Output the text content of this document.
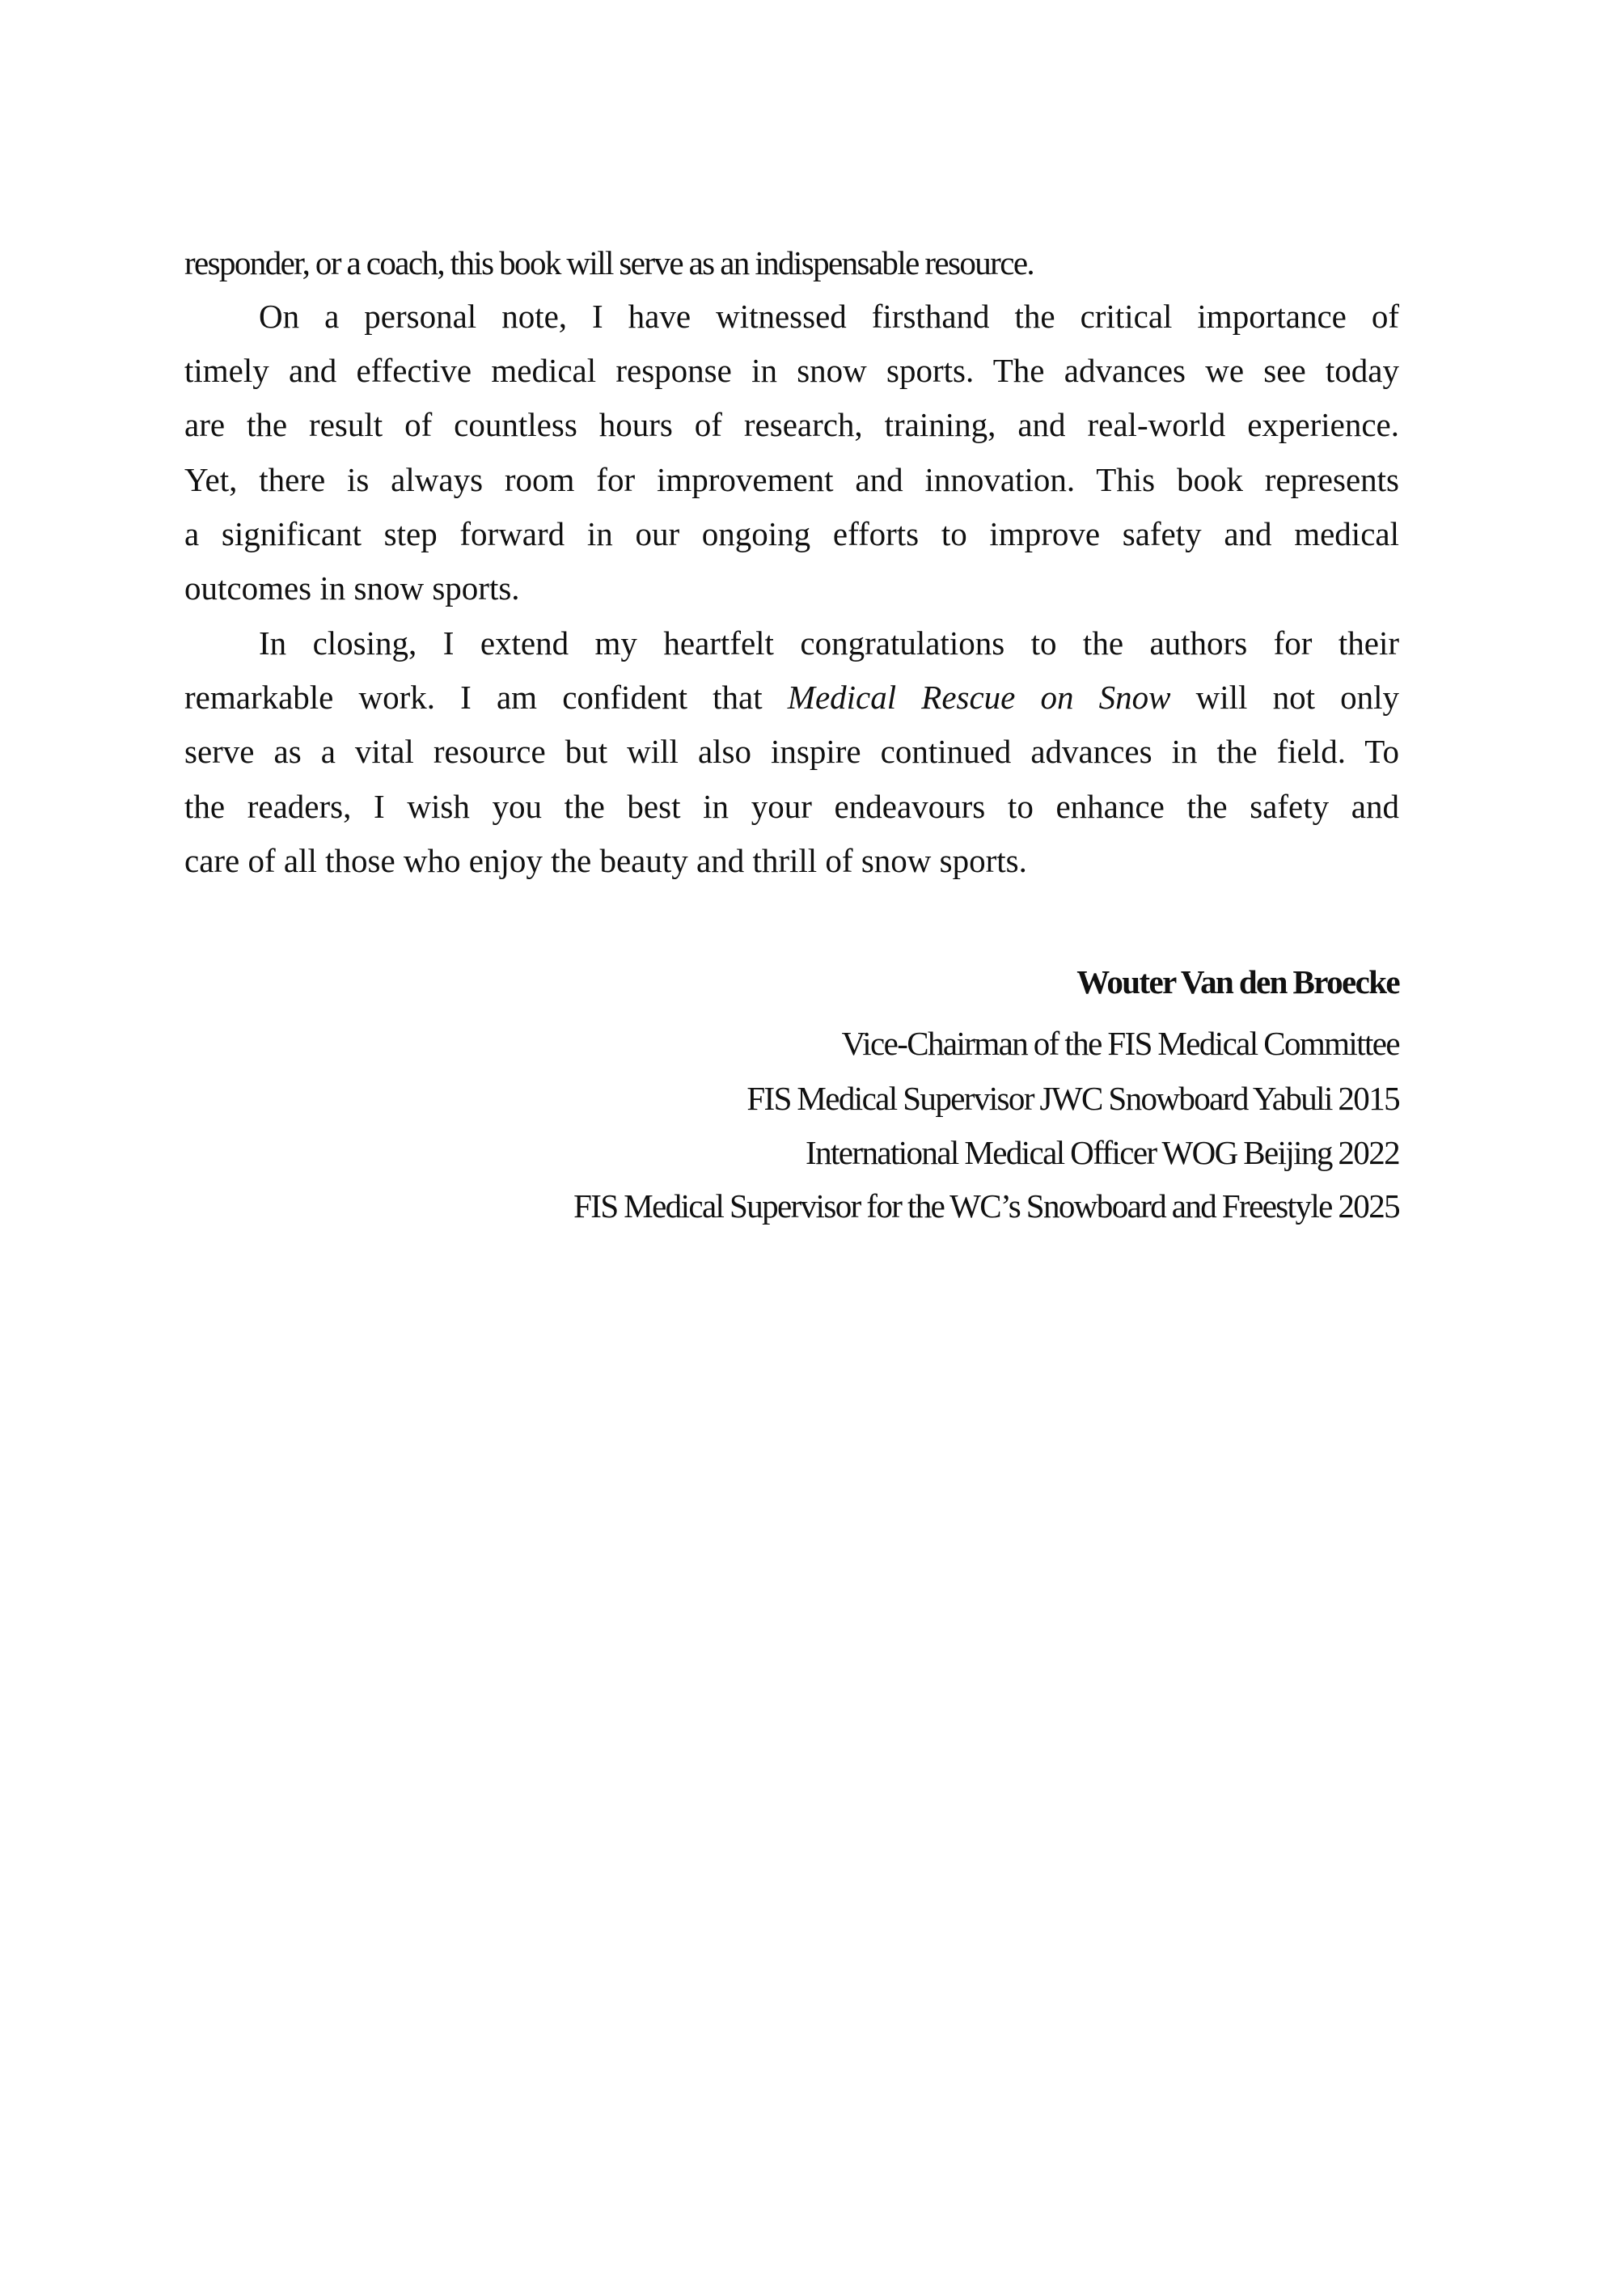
responder, or a coach, this book will serve as an indispensable resource.
On a personal note, I have witnessed firsthand the critical importance of
timely and effective medical response in snow sports. The advances we see today
are the result of countless hours of research, training, and real-world experience.
Yet, there is always room for improvement and innovation. This book represents
a significant step forward in our ongoing efforts to improve safety and medical
outcomes in snow sports.
In closing, I extend my heartfelt congratulations to the authors for their
remarkable work. I am confident that Medical Rescue on Snow will not only
serve as a vital resource but will also inspire continued advances in the field. To
the readers, I wish you the best in your endeavours to enhance the safety and
care of all those who enjoy the beauty and thrill of snow sports.
Wouter Van den Broecke
Vice-Chairman of the FIS Medical Committee
FIS Medical Supervisor JWC Snowboard Yabuli 2015
International Medical Officer WOG Beijing 2022
FIS Medical Supervisor for the WC’s Snowboard and Freestyle 2025
